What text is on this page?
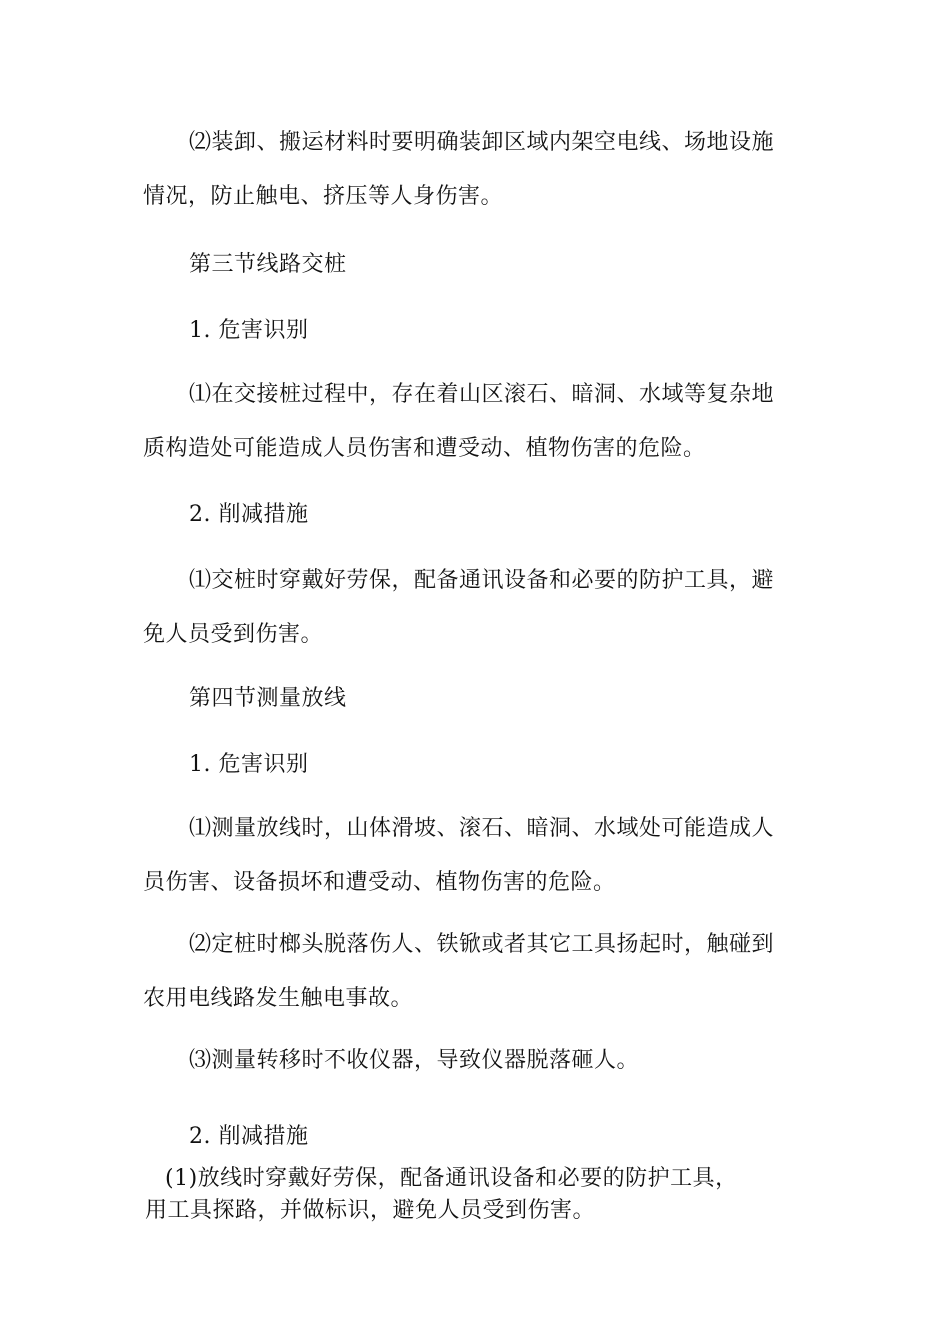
⑵装卸、搬运材料时要明确装卸区域内架空电线、场地设施
情况，防止触电、挤压等人身伤害。

第三节线路交桩

1. 危害识别

⑴在交接桩过程中，存在着山区滚石、暗洞、水域等复杂地
质构造处可能造成人员伤害和遭受动、植物伤害的危险。

2. 削减措施

⑴交桩时穿戴好劳保，配备通讯设备和必要的防护工具，避
免人员受到伤害。

第四节测量放线

1. 危害识别

⑴测量放线时，山体滑坡、滚石、暗洞、水域处可能造成人
员伤害、设备损坏和遭受动、植物伤害的危险。

⑵定桩时榔头脱落伤人、铁锨或者其它工具扬起时，触碰到
农用电线路发生触电事故。

⑶测量转移时不收仪器，导致仪器脱落砸人。

2. 削减措施

(1)放线时穿戴好劳保，配备通讯设备和必要的防护工具，
用工具探路，并做标识，避免人员受到伤害。
